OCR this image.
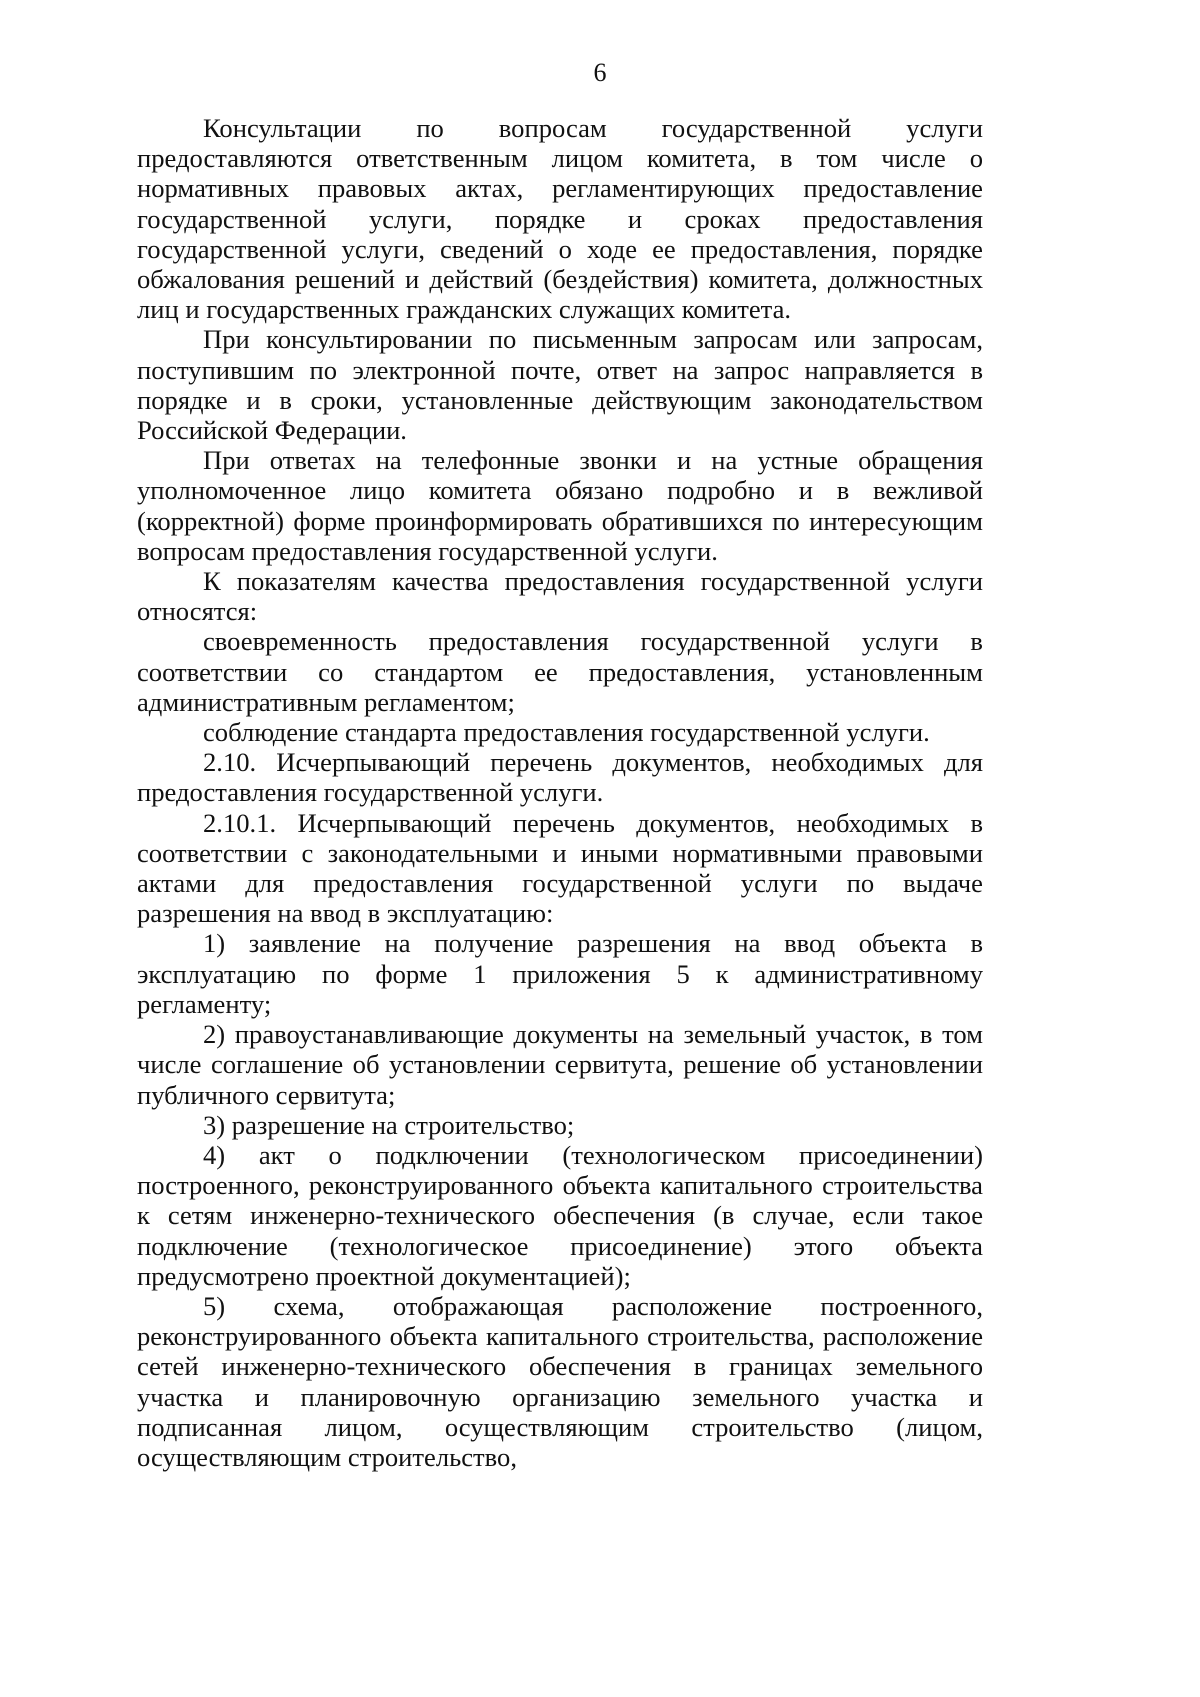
6

Консультации по вопросам государственной услуги предоставляются ответственным лицом комитета, в том числе о нормативных правовых актах, регламентирующих предоставление государственной услуги, порядке и сроках предоставления государственной услуги, сведений о ходе ее предоставления, порядке обжалования решений и действий (бездействия) комитета, должностных лиц и государственных гражданских служащих комитета.

При консультировании по письменным запросам или запросам, поступившим по электронной почте, ответ на запрос направляется в порядке и в сроки, установленные действующим законодательством Российской Федерации.

При ответах на телефонные звонки и на устные обращения уполномоченное лицо комитета обязано подробно и в вежливой (корректной) форме проинформировать обратившихся по интересующим вопросам предоставления государственной услуги.

К показателям качества предоставления государственной услуги относятся:

своевременность предоставления государственной услуги в соответствии со стандартом ее предоставления, установленным административным регламентом;

соблюдение стандарта предоставления государственной услуги.

2.10. Исчерпывающий перечень документов, необходимых для предоставления государственной услуги.

2.10.1. Исчерпывающий перечень документов, необходимых в соответствии с законодательными и иными нормативными правовыми актами для предоставления государственной услуги по выдаче разрешения на ввод в эксплуатацию:

1) заявление на получение разрешения на ввод объекта в эксплуатацию по форме 1 приложения 5 к административному регламенту;

2) правоустанавливающие документы на земельный участок, в том числе соглашение об установлении сервитута, решение об установлении публичного сервитута;

3) разрешение на строительство;

4) акт о подключении (технологическом присоединении) построенного, реконструированного объекта капитального строительства к сетям инженерно-технического обеспечения (в случае, если такое подключение (технологическое присоединение) этого объекта предусмотрено проектной документацией);

5) схема, отображающая расположение построенного, реконструированного объекта капитального строительства, расположение сетей инженерно-технического обеспечения в границах земельного участка и планировочную организацию земельного участка и подписанная лицом, осуществляющим строительство (лицом, осуществляющим строительство,
